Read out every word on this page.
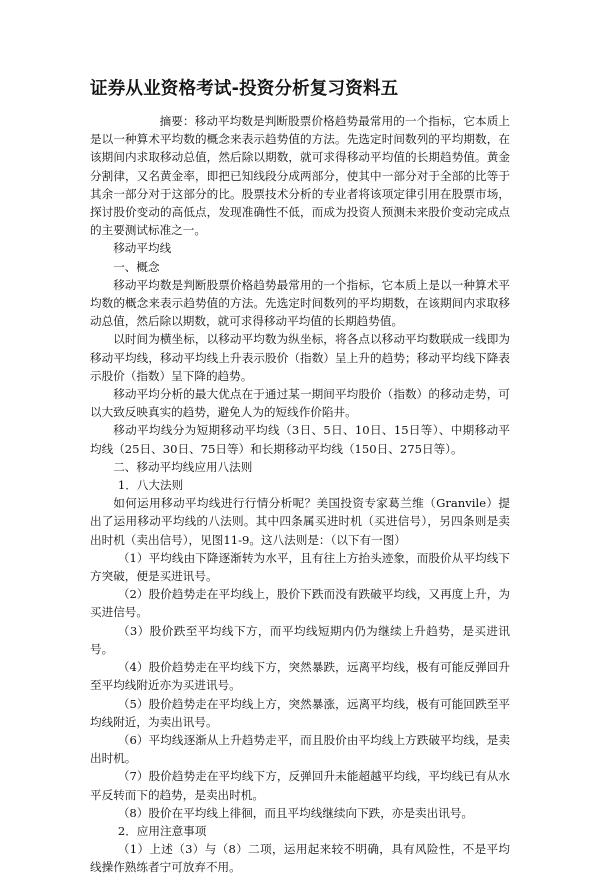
证券从业资格考试-投资分析复习资料五

摘要：移动平均数是判断股票价格趋势最常用的一个指标，它本质上是以一种算术平均数的概念来表示趋势值的方法。先选定时间数列的平均期数，在该期间内求取移动总值，然后除以期数，就可求得移动平均值的长期趋势值。黄金分割律，又名黄金率，即把已知线段分成两部分，使其中一部分对于全部的比等于其余一部分对于这部分的比。股票技术分析的专业者将该项定律引用在股票市场，探讨股价变动的高低点，发现准确性不低，而成为投资人预测未来股价变动完成点的主要测试标准之一。

移动平均线

一、概念

移动平均数是判断股票价格趋势最常用的一个指标，它本质上是以一种算术平均数的概念来表示趋势值的方法。先选定时间数列的平均期数，在该期间内求取移动总值，然后除以期数，就可求得移动平均值的长期趋势值。

以时间为横坐标，以移动平均数为纵坐标，将各点以移动平均数联成一线即为移动平均线，移动平均线上升表示股价（指数）呈上升的趋势；移动平均线下降表示股价（指数）呈下降的趋势。

移动平均分析的最大优点在于通过某一期间平均股价（指数）的移动走势，可以大致反映真实的趋势，避免人为的短线作价陷井。

移动平均线分为短期移动平均线（3日、5日、10日、15日等）、中期移动平均线（25日、30日、75日等）和长期移动平均线（150日、275日等）。

二、移动平均线应用八法则

1．八大法则

如何运用移动平均线进行行情分析呢？美国投资专家葛兰维（Granvile）提出了运用移动平均线的八法则。其中四条属买进时机（买进信号），另四条则是卖出时机（卖出信号），见图11-9。这八法则是：（以下有一图）

（1）平均线由下降逐渐转为水平，且有往上方抬头迹象，而股价从平均线下方突破，便是买进讯号。

（2）股价趋势走在平均线上，股价下跌而没有跌破平均线，又再度上升，为买进信号。

（3）股价跌至平均线下方，而平均线短期内仍为继续上升趋势，是买进讯号。

（4）股价趋势走在平均线下方，突然暴跌，远离平均线，极有可能反弹回升至平均线附近亦为买进讯号。

（5）股价趋势走在平均线上方，突然暴涨，远离平均线，极有可能回跌至平均线附近，为卖出讯号。

（6）平均线逐渐从上升趋势走平，而且股价由平均线上方跌破平均线，是卖出时机。

（7）股价趋势走在平均线下方，反弹回升未能超越平均线，平均线已有从水平反转而下的趋势，是卖出时机。

（8）股价在平均线上徘徊，而且平均线继续向下跌，亦是卖出讯号。

2．应用注意事项

（1）上述（3）与（8）二项，运用起来较不明确，具有风险性，不是平均线操作熟练者宁可放弃不用。
